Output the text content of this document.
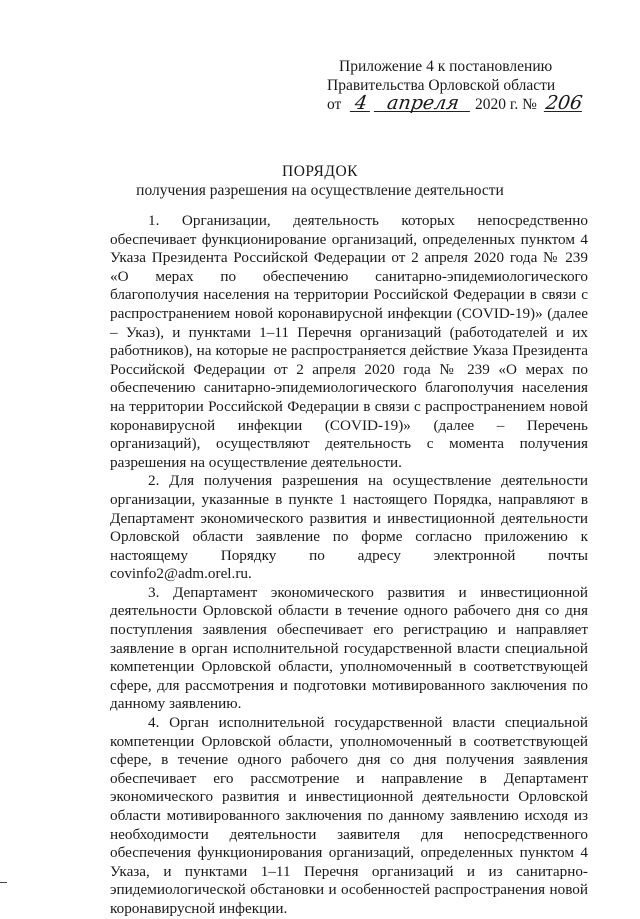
Приложение 4 к постановлению
Правительства Орловской области
от 4 апреля 2020 г. № 206
ПОРЯДОК
получения разрешения на осуществление деятельности

1. Организации, деятельность которых непосредственно обеспечивает функционирование организаций, определенных пунктом 4 Указа Президента Российской Федерации от 2 апреля 2020 года № 239 «О мерах по обеспечению санитарно-эпидемиологического благополучия населения на территории Российской Федерации в связи с распространением новой коронавирусной инфекции (COVID-19)» (далее – Указ), и пунктами 1–11 Перечня организаций (работодателей и их работников), на которые не распространяется действие Указа Президента Российской Федерации от 2 апреля 2020 года № 239 «О мерах по обеспечению санитарно-эпидемиологического благополучия населения на территории Российской Федерации в связи с распространением новой коронавирусной инфекции (COVID-19)» (далее – Перечень организаций), осуществляют деятельность с момента получения разрешения на осуществление деятельности.

2. Для получения разрешения на осуществление деятельности организации, указанные в пункте 1 настоящего Порядка, направляют в Департамент экономического развития и инвестиционной деятельности Орловской области заявление по форме согласно приложению к настоящему Порядку по адресу электронной почты covinfo2@adm.orel.ru.

3. Департамент экономического развития и инвестиционной деятельности Орловской области в течение одного рабочего дня со дня поступления заявления обеспечивает его регистрацию и направляет заявление в орган исполнительной государственной власти специальной компетенции Орловской области, уполномоченный в соответствующей сфере, для рассмотрения и подготовки мотивированного заключения по данному заявлению.

4. Орган исполнительной государственной власти специальной компетенции Орловской области, уполномоченный в соответствующей сфере, в течение одного рабочего дня со дня получения заявления обеспечивает его рассмотрение и направление в Департамент экономического развития и инвестиционной деятельности Орловской области мотивированного заключения по данному заявлению исходя из необходимости деятельности заявителя для непосредственного обеспечения функционирования организаций, определенных пунктом 4 Указа, и пунктами 1–11 Перечня организаций и из санитарно-эпидемиологической обстановки и особенностей распространения новой коронавирусной инфекции.
